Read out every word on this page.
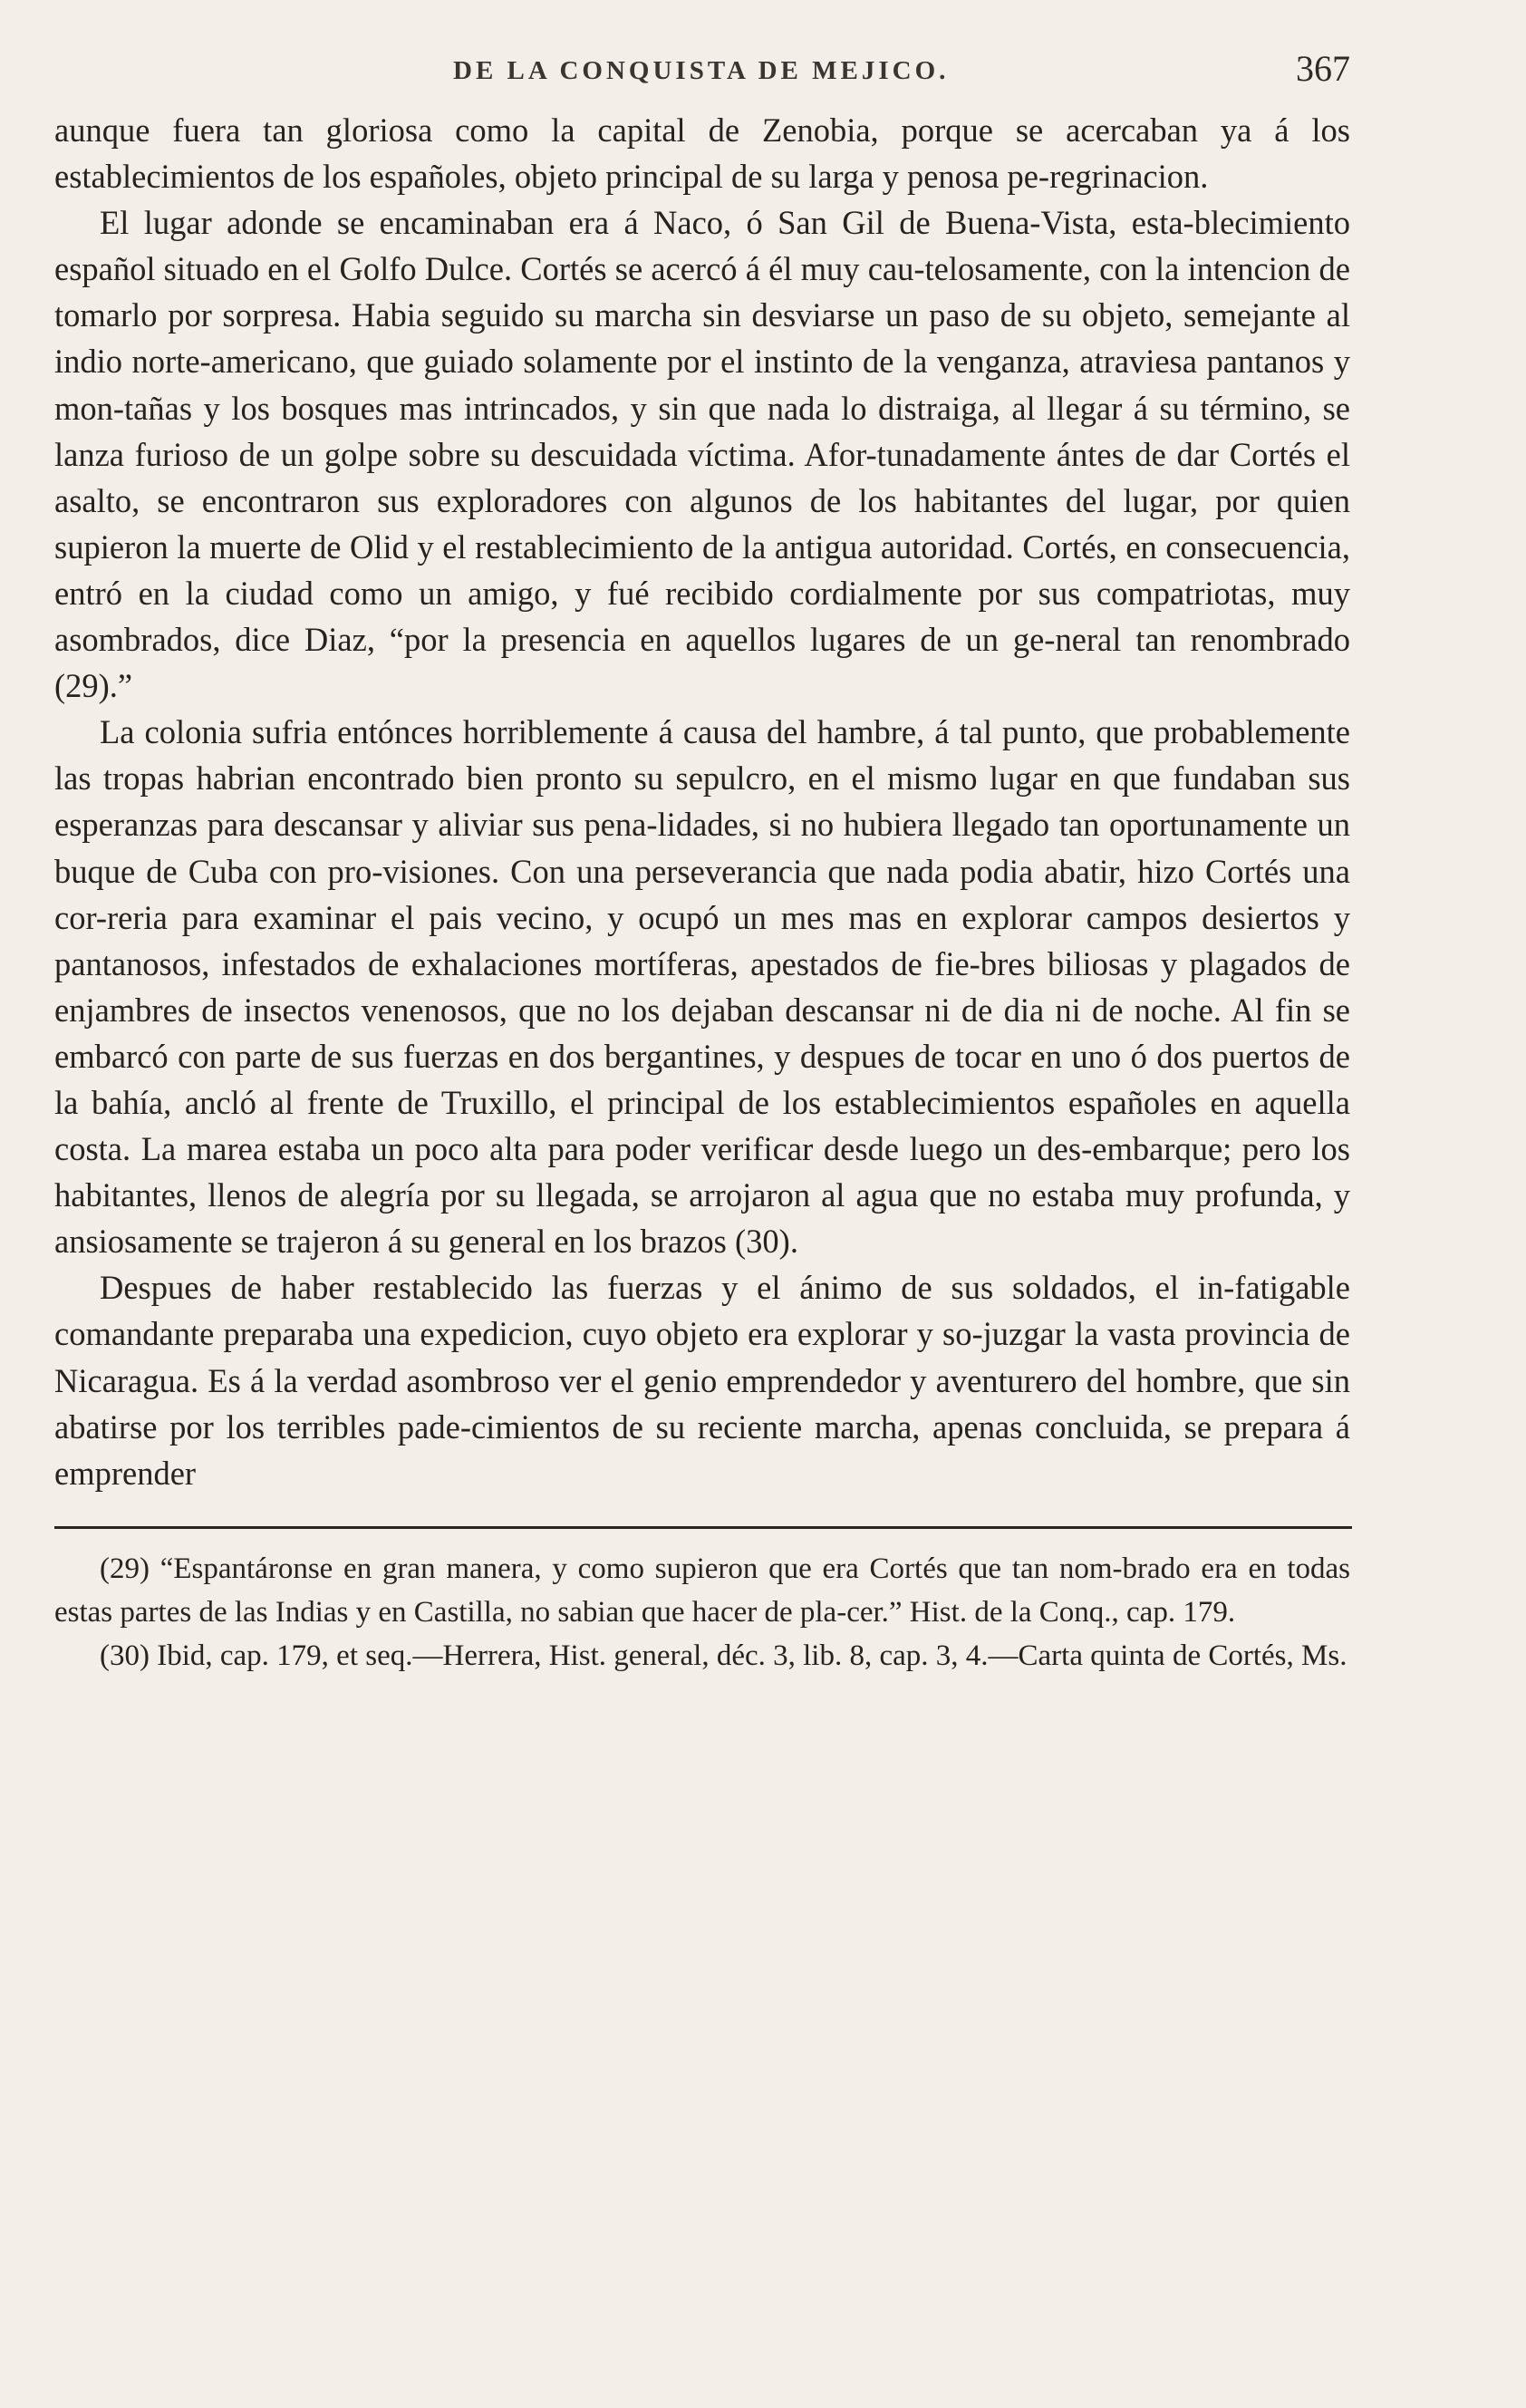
DE LA CONQUISTA DE MEJICO.	367

aunque fuera tan gloriosa como la capital de Zenobia, porque se acercaban ya á los establecimientos de los españoles, objeto principal de su larga y penosa pe-regrinacion.

El lugar adonde se encaminaban era á Naco, ó San Gil de Buena-Vista, esta-blecimiento español situado en el Golfo Dulce. Cortés se acercó á él muy cau-telosamente, con la intencion de tomarlo por sorpresa. Habia seguido su marcha sin desviarse un paso de su objeto, semejante al indio norte-americano, que guiado solamente por el instinto de la venganza, atraviesa pantanos y mon-tañas y los bosques mas intrincados, y sin que nada lo distraiga, al llegar á su término, se lanza furioso de un golpe sobre su descuidada víctima. Afor-tunadamente ántes de dar Cortés el asalto, se encontraron sus exploradores con algunos de los habitantes del lugar, por quien supieron la muerte de Olid y el restablecimiento de la antigua autoridad. Cortés, en consecuencia, entró en la ciudad como un amigo, y fué recibido cordialmente por sus compatriotas, muy asombrados, dice Diaz, “por la presencia en aquellos lugares de un ge-neral tan renombrado (29).”

La colonia sufria entónces horriblemente á causa del hambre, á tal punto, que probablemente las tropas habrian encontrado bien pronto su sepulcro, en el mismo lugar en que fundaban sus esperanzas para descansar y aliviar sus pena-lidades, si no hubiera llegado tan oportunamente un buque de Cuba con pro-visiones. Con una perseverancia que nada podia abatir, hizo Cortés una cor-reria para examinar el pais vecino, y ocupó un mes mas en explorar campos desiertos y pantanosos, infestados de exhalaciones mortíferas, apestados de fie-bres biliosas y plagados de enjambres de insectos venenosos, que no los dejaban descansar ni de dia ni de noche. Al fin se embarcó con parte de sus fuerzas en dos bergantines, y despues de tocar en uno ó dos puertos de la bahía, ancló al frente de Truxillo, el principal de los establecimientos españoles en aquella costa. La marea estaba un poco alta para poder verificar desde luego un des-embarque; pero los habitantes, llenos de alegría por su llegada, se arrojaron al agua que no estaba muy profunda, y ansiosamente se trajeron á su general en los brazos (30).

Despues de haber restablecido las fuerzas y el ánimo de sus soldados, el in-fatigable comandante preparaba una expedicion, cuyo objeto era explorar y so-juzgar la vasta provincia de Nicaragua. Es á la verdad asombroso ver el genio emprendedor y aventurero del hombre, que sin abatirse por los terribles pade-cimientos de su reciente marcha, apenas concluida, se prepara á emprender

(29) “Espantáronse en gran manera, y como supieron que era Cortés que tan nom-brado era en todas estas partes de las Indias y en Castilla, no sabian que hacer de pla-cer.” Hist. de la Conq., cap. 179.

(30) Ibid, cap. 179, et seq.—Herrera, Hist. general, déc. 3, lib. 8, cap. 3, 4.—Carta quinta de Cortés, Ms.
